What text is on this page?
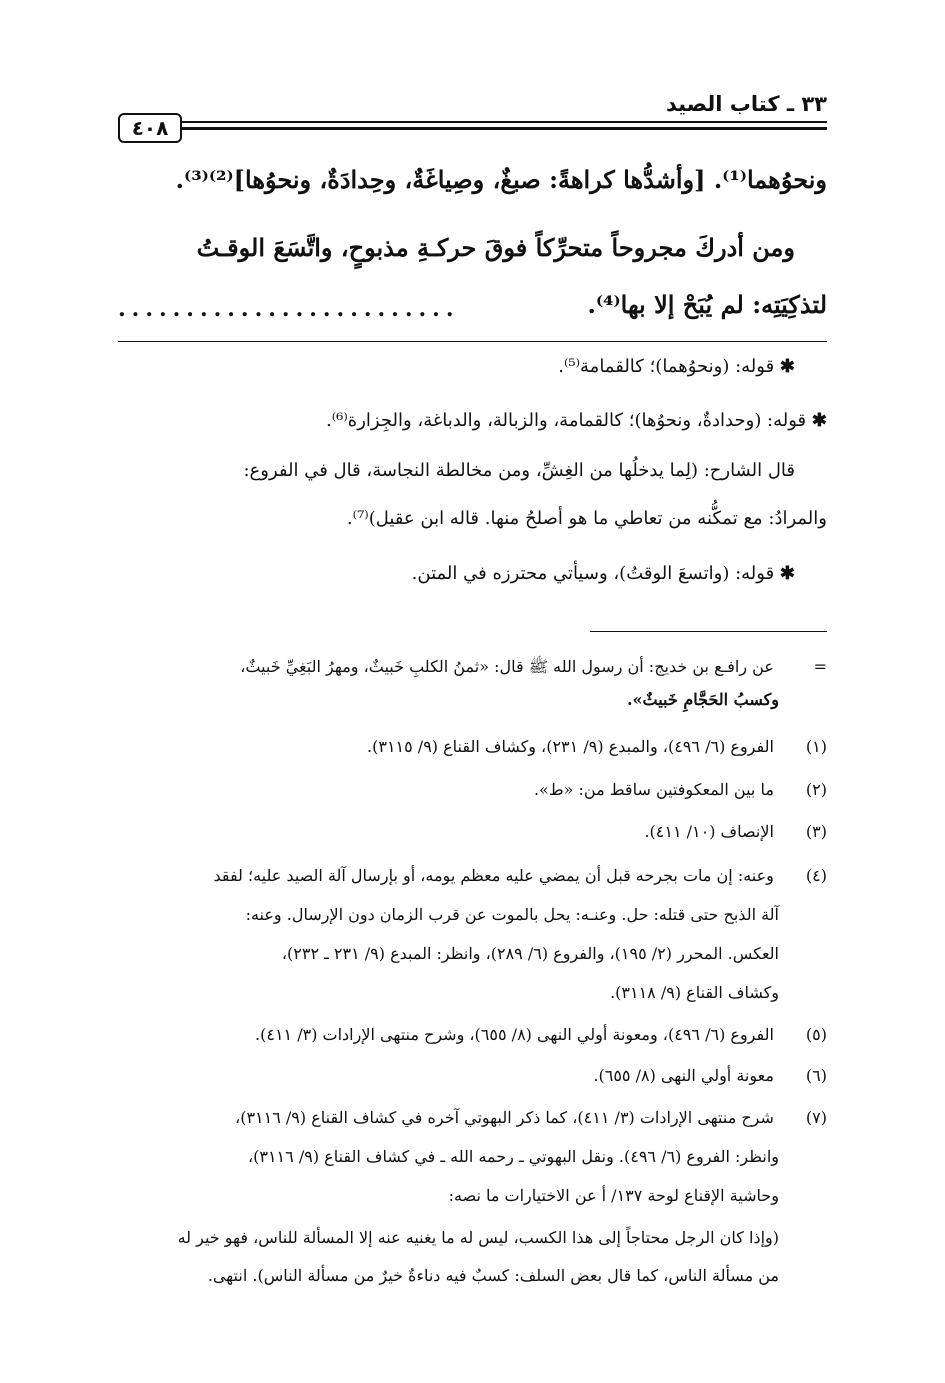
٣٣ ـ كتاب الصيد
٤٠٨
ونحوُهما⁽¹⁾. [وأشدُّها كراهةً: صبغٌ، وصِياغَةٌ، وحِدادَةٌ، ونحوُها]⁽²⁾⁽³⁾.
ومن أدركَ مجروحاً متحرِّكاً فوقَ حركـةِ مذبوحٍ، واتَّسَعَ الوقـتُ
لتذكِيَتِه: لم يُبَحْ إلا بها⁽⁴⁾.
.........................
✱ قوله: (ونحوُهما)؛ كالقمامة⁽⁵⁾.
✱ قوله: (وحدادةٌ، ونحوُها)؛ كالقمامة، والزبالة، والدباغة، والجِزارة⁽⁶⁾.
قال الشارح: (لِما يدخلُها من الغِشِّ، ومن مخالطة النجاسة، قال في الفروع:
والمرادُ: مع تمكُّنه من تعاطي ما هو أصلحُ منها. قاله ابن عقيل)⁽⁷⁾.
✱ قوله: (واتسعَ الوقتُ)، وسيأتي محترزه في المتن.
= عن رافـع بن خديج: أن رسول الله ﷺ قال: «ثمنُ الكلبِ خَبيثٌ، ومهرُ البَغِيِّ خَبيثٌ،
وكسبُ الحَجَّامِ خَبيثٌ».
(١) الفروع (٦/ ٤٩٦)، والمبدع (٩/ ٢٣١)، وكشاف القناع (٩/ ٣١١٥).
(٢) ما بين المعكوفتين ساقط من: «ط».
(٣) الإنصاف (١٠/ ٤١١).
(٤) وعنه: إن مات بجرحه قبل أن يمضي عليه معظم يومه، أو بإرسال آلة الصيد عليه؛ لفقد
آلة الذبح حتى قتله: حل. وعنـه: يحل بالموت عن قرب الزمان دون الإرسال. وعنه:
العكس. المحرر (٢/ ١٩٥)، والفروع (٦/ ٢٨٩)، وانظر: المبدع (٩/ ٢٣١ ـ ٢٣٢)،
وكشاف القناع (٩/ ٣١١٨).
(٥) الفروع (٦/ ٤٩٦)، ومعونة أولي النهى (٨/ ٦٥٥)، وشرح منتهى الإرادات (٣/ ٤١١).
(٦) معونة أولي النهى (٨/ ٦٥٥).
(٧) شرح منتهى الإرادات (٣/ ٤١١)، كما ذكر البهوتي آخره في كشاف القناع (٩/ ٣١١٦)،
وانظر: الفروع (٦/ ٤٩٦). ونقل البهوتي ـ رحمه الله ـ في كشاف القناع (٩/ ٣١١٦)،
وحاشية الإقناع لوحة ١٣٧/ أ عن الاختيارات ما نصه:
(وإذا كان الرجل محتاجاً إلى هذا الكسب، ليس له ما يغنيه عنه إلا المسألة للناس، فهو خير له
من مسألة الناس، كما قال بعض السلف: كسبٌ فيه دناءةٌ خيرٌ من مسألة الناس). انتهى.
